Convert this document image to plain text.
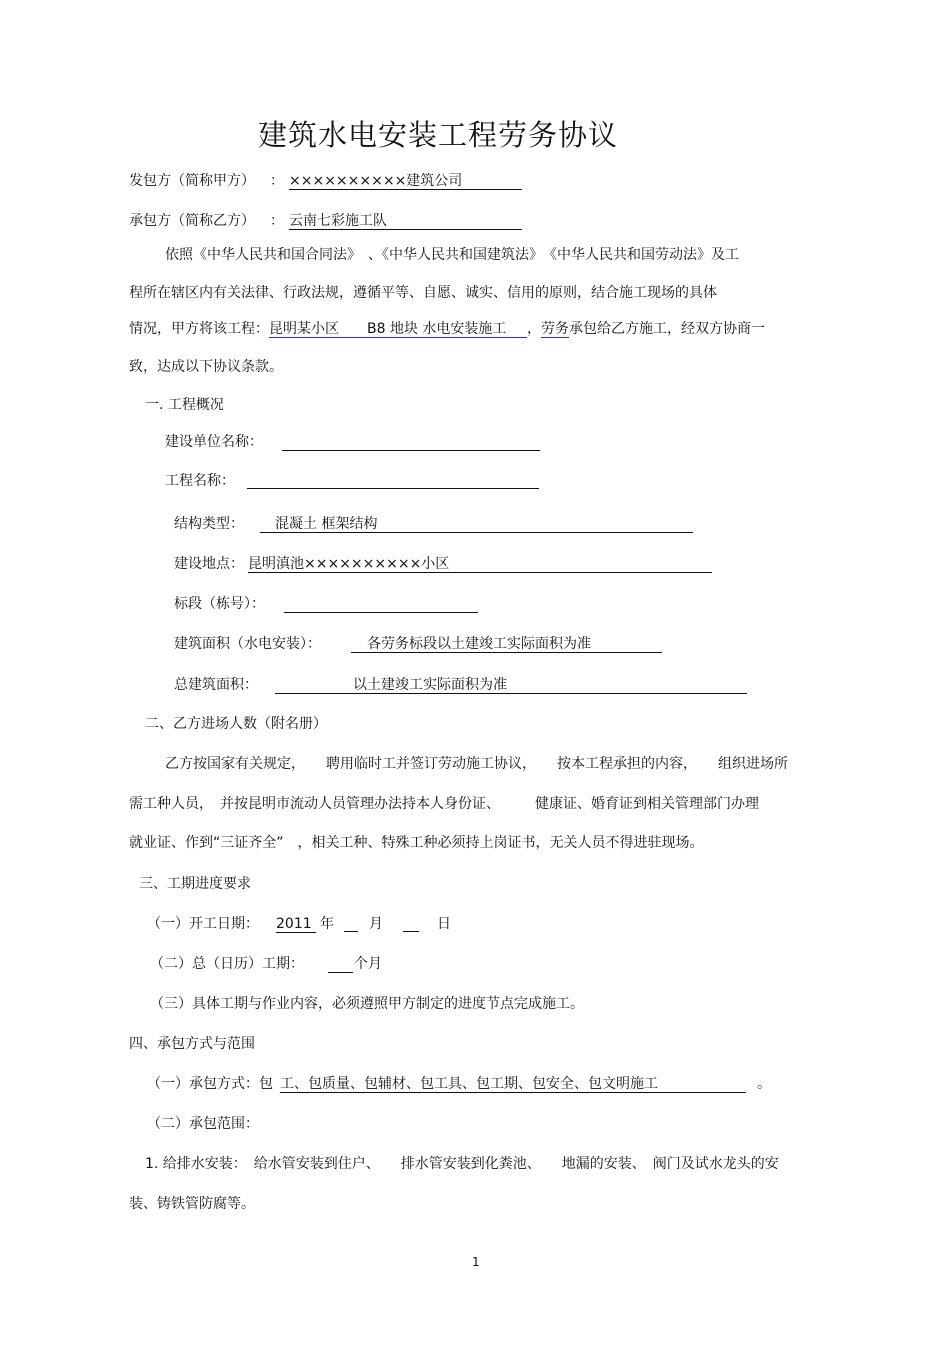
建筑水电安装工程劳务协议
发包方（简称甲方） ： ××××××××××建筑公司
承包方（简称乙方） ： 云南七彩施工队
依照《中华人民共和国合同法》　、《中华人民共和国建筑法》　《中华人民共和国劳动法》及工
程所在辖区内有关法律、行政法规，遵循平等、自愿、诚实、信用的原则，结合施工现场的具体
情况，甲方将该工程：昆明某小区　　B8 地块 水电安装施工 ，劳务承包给乙方施工，经双方协商一
致，达成以下协议条款。
一. 工程概况
建设单位名称：
工程名称：
结构类型：	混凝土 框架结构
建设地点： 昆明滇池××××××××××小区
标段（栋号）：
建筑面积（水电安装）：	各劳务标段以土建竣工实际面积为准
总建筑面积：	以土建竣工实际面积为准
二、乙方进场人数（附名册）
乙方按国家有关规定，　　聘用临时工并签订劳动施工协议，　　按本工程承担的内容，　　组织进场所
需工种人员，　并按昆明市流动人员管理办法持本人身份证、　　　健康证、婚育证到相关管理部门办理
就业证、作到“三证齐全”　，相关工种、特殊工种必须持上岗证书，无关人员不得进驻现场。
三、工期进度要求
（一）开工日期： 2011 年	月	日
（二）总（日历）工期：	个月
（三）具体工期与作业内容，必须遵照甲方制定的进度节点完成施工。
四、承包方式与范围
（一）承包方式：包 工、包质量、包辅材、包工具、包工期、包安全、包文明施工	。
（二）承包范围：
1. 给排水安装：　给水管安装到住户、　　排水管安装到化粪池、　　地漏的安装、　阀门及试水龙头的安
装、铸铁管防腐等。
1
